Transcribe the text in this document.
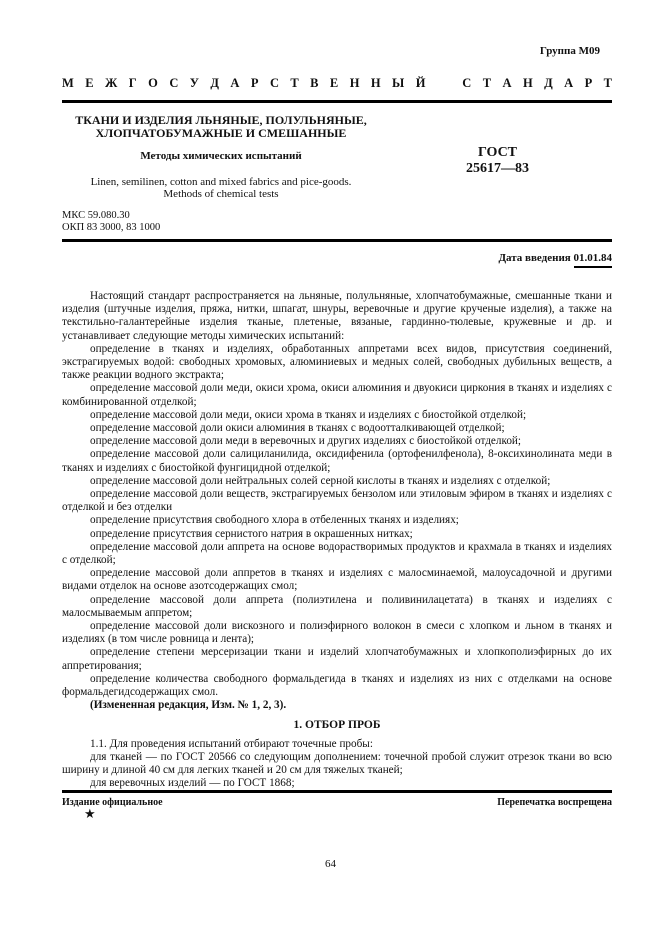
Группа М09
М Е Ж Г О С У Д А Р С Т В Е Н Н Ы Й	С Т А Н Д А Р Т
ТКАНИ И ИЗДЕЛИЯ ЛЬНЯНЫЕ, ПОЛУЛЬНЯНЫЕ,
ХЛОПЧАТОБУМАЖНЫЕ И СМЕШАННЫЕ
Методы химических испытаний	ГОСТ
25617—83
Linen, semilinen, cotton and mixed fabrics and pice-goods.
Methods of chemical tests
МКС 59.080.30
ОКП 83 3000, 83 1000
Дата введения 01.01.84

Настоящий стандарт распространяется на льняные, полульняные, хлопчатобумажные, смешанные ткани и изделия (штучные изделия, пряжа, нитки, шпагат, шнуры, веревочные и другие крученые изделия), а также на текстильно-галантерейные изделия тканые, плетеные, вязаные, гардинно-тюлевые, кружевные и др. и устанавливает следующие методы химических испытаний:

определение в тканях и изделиях, обработанных аппретами всех видов, присутствия соединений, экстрагируемых водой: свободных хромовых, алюминиевых и медных солей, свободных дубильных веществ, а также реакции водного экстракта;

определение массовой доли меди, окиси хрома, окиси алюминия и двуокиси циркония в тканях и изделиях с комбинированной отделкой;

определение массовой доли меди, окиси хрома в тканях и изделиях с биостойкой отделкой;

определение массовой доли окиси алюминия в тканях с водоотталкивающей отделкой;

определение массовой доли меди в веревочных и других изделиях с биостойкой отделкой;

определение массовой доли салициланилида, оксидифенила (ортофенилфенола), 8-оксихинолината меди в тканях и изделиях с биостойкой фунгицидной отделкой;

определение массовой доли нейтральных солей серной кислоты в тканях и изделиях с отделкой;

определение массовой доли веществ, экстрагируемых бензолом или этиловым эфиром в тканях и изделиях с отделкой и без отделки

определение присутствия свободного хлора в отбеленных тканях и изделиях;

определение присутствия сернистого натрия в окрашенных нитках;

определение массовой доли аппрета на основе водорастворимых продуктов и крахмала в тканях и изделиях с отделкой;

определение массовой доли аппретов в тканях и изделиях с малосминаемой, малоусадочной и другими видами отделок на основе азотсодержащих смол;

определение массовой доли аппрета (полиэтилена и поливинилацетата) в тканях и изделиях с малосмываемым аппретом;

определение массовой доли вискозного и полиэфирного волокон в смеси с хлопком и льном в тканях и изделиях (в том числе ровница и лента);

определение степени мерсеризации ткани и изделий хлопчатобумажных и хлопкополиэфирных до их аппретирования;

определение количества свободного формальдегида в тканях и изделиях из них с отделками на основе формальдегидсодержащих смол.

(Измененная редакция, Изм. № 1, 2, 3).

1. ОТБОР ПРОБ

1.1. Для проведения испытаний отбирают точечные пробы:

для тканей — по ГОСТ 20566 со следующим дополнением: точечной пробой служит отрезок ткани во всю ширину и длиной 40 см для легких тканей и 20 см для тяжелых тканей;

для веревочных изделий — по ГОСТ 1868;

Издание официальное	Перепечатка воспрещена
★
64
